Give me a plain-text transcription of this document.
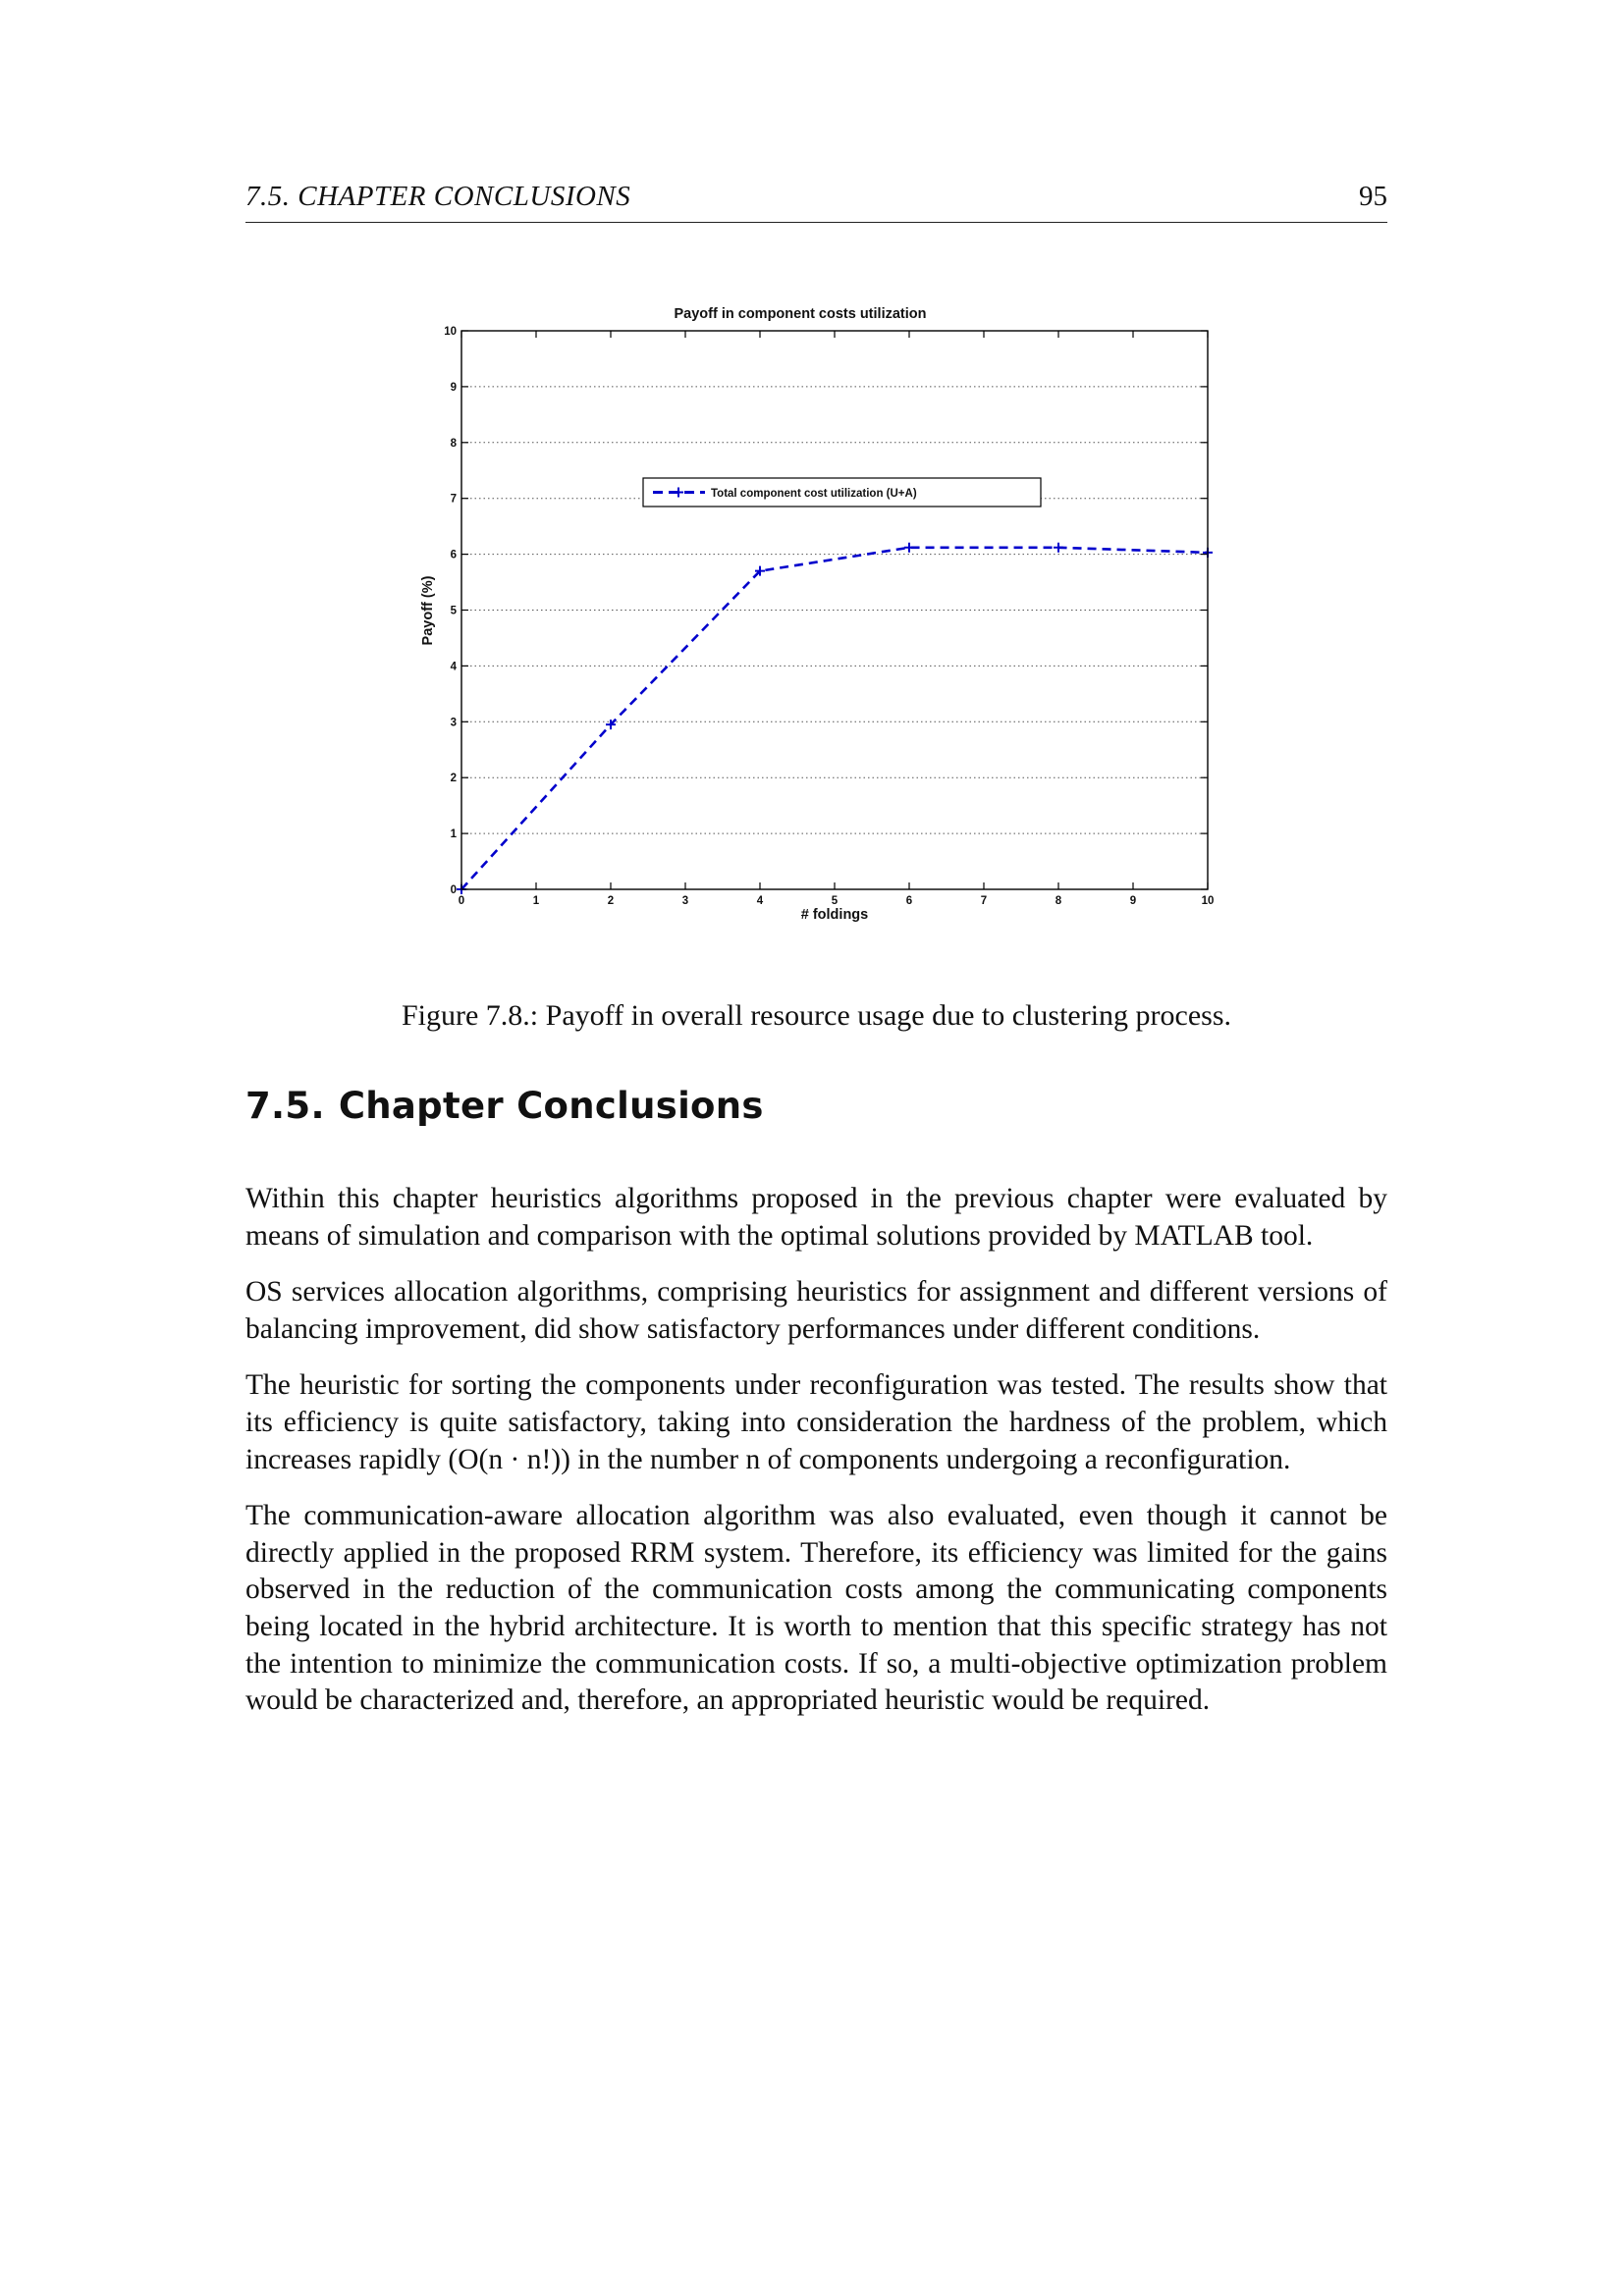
7.5. CHAPTER CONCLUSIONS	95
0
1
2
3
4
5
6
7
8
9
10
0	1	2	3	4	5	6	7	8	9	10
Payoff in component costs utilization
# foldings
Payoff (%)
Total component cost utilization (U+A)
Figure 7.8.: Payoff in overall resource usage due to clustering process.
7.5. Chapter Conclusions

Within this chapter heuristics algorithms proposed in the previous chapter were evaluated by means of simulation and comparison with the optimal solutions provided by MATLAB tool.

OS services allocation algorithms, comprising heuristics for assignment and different versions of balancing improvement, did show satisfactory performances under different conditions.

The heuristic for sorting the components under reconfiguration was tested. The results show that its efficiency is quite satisfactory, taking into consideration the hardness of the problem, which increases rapidly (O(n · n!)) in the number n of components undergoing a reconfiguration.

The communication-aware allocation algorithm was also evaluated, even though it cannot be directly applied in the proposed RRM system. Therefore, its efficiency was limited for the gains observed in the reduction of the communication costs among the communicating components being located in the hybrid architecture. It is worth to mention that this specific strategy has not the intention to minimize the communication costs. If so, a multi-objective optimization problem would be characterized and, therefore, an appropriated heuristic would be required.
